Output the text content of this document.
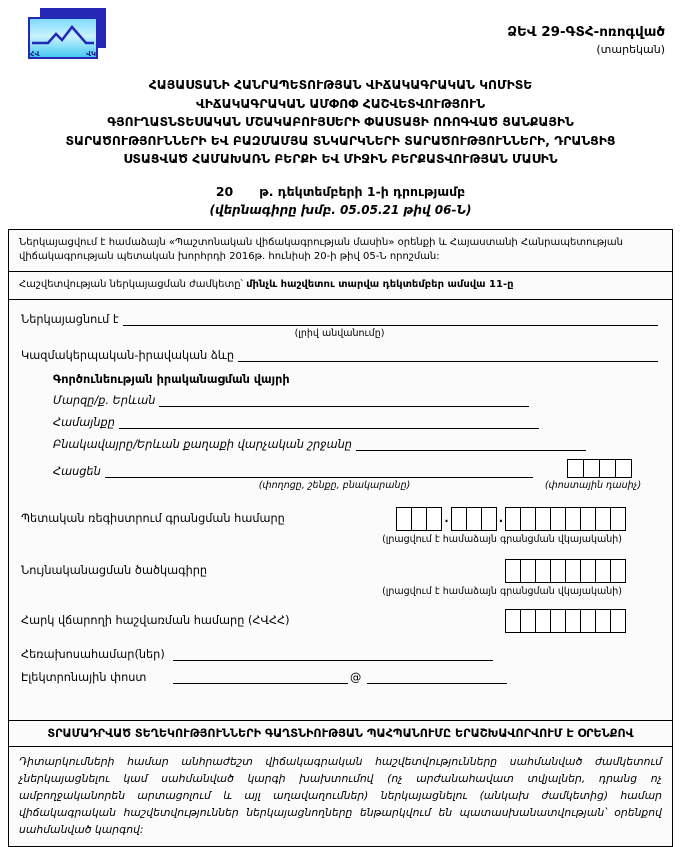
ՀՎ	ՎԿ
ՁԵՎ 29-ԳՏՀ-ոռոգված
(տարեկան)
ՀԱՅԱՍՏԱՆԻ ՀԱՆՐԱՊԵՏՈՒԹՅԱՆ ՎԻՃԱԿԱԳՐԱԿԱՆ ԿՈՄԻՏԵ
ՎԻՃԱԿԱԳՐԱԿԱՆ ԱՄՓՈՓ ՀԱՇՎԵՏՎՈՒԹՅՈՒՆ
ԳՅՈՒՂԱՏՆՏԵՍԱԿԱՆ ՄՇԱԿԱԲՈՒՅՍԵՐԻ ՓԱՍՏԱՑԻ ՈՌՈԳՎԱԾ ՑԱՆՔԱՅԻՆ
ՏԱՐԱԾՈՒԹՅՈՒՆՆԵՐԻ ԵՎ ԲԱԶՄԱՄՅԱ ՏՆԿԱՐԿՆԵՐԻ ՏԱՐԱԾՈՒԹՅՈՒՆՆԵՐԻ, ԴՐԱՆՑԻՑ
ՍՏԱՑՎԱԾ ՀԱՄԱԽԱՌՆ ԲԵՐՔԻ ԵՎ ՄԻՋԻՆ ԲԵՐՔԱՏՎՈՒԹՅԱՆ ՄԱՍԻՆ
20 թ. դեկտեմբերի 1-ի դրությամբ
(վերնագիրը խմբ. 05.05.21 թիվ 06-Ն)
Ներկայացվում է համաձայն «Պաշտոնական վիճակագրության մասին» օրենքի և Հայաստանի Հանրապետության վիճակագրության պետական խորհրդի 2016թ. հունիսի 20-ի թիվ 05-Ն որոշման:
Հաշվետվության ներկայացման ժամկետը՝ մինչև հաշվետու տարվա դեկտեմբեր ամսվա 11-ը
Ներկայացնում է
(լրիվ անվանումը)
Կազմակերպական-իրավական ձևը
Գործունեության իրականացման վայրի
Մարզը/ք. Երևան
Համայնքը
Բնակավայրը/Երևան քաղաքի վարչական շրջանը
Հասցեն
(փողոցը, շենքը, բնակարանը)	(փոստային դասիչ)
Պետական ռեգիստրում գրանցման համարը	.	.
(լրացվում է համաձայն գրանցման վկայականի)
Նույնականացման ծածկագիրը
(լրացվում է համաձայն գրանցման վկայականի)
Հարկ վճարողի հաշվառման համարը (ՀՎՀՀ)
Հեռախոսահամար(ներ)
Էլեկտրոնային փոստ	@
ՏՐԱՄԱԴՐՎԱԾ ՏԵՂԵԿՈՒԹՅՈՒՆՆԵՐԻ ԳԱՂՏՆԻՈՒԹՅԱՆ ՊԱՀՊԱՆՈՒՄԸ ԵՐԱՇԽԱՎՈՐՎՈՒՄ Է ՕՐԵՆՔՈՎ
Դիտարկումների համար անհրաժեշտ վիճակագրական հաշվետվությունները սահմանված ժամկետում չներկայացնելու կամ սահմանված կարգի խախտումով (ոչ արժանահավատ տվյալներ, դրանց ոչ ամբողջականորեն արտացոլում և այլ աղավաղումներ) ներկայացնելու (անկախ ժամկետից) համար վիճակագրական հաշվետվություններ ներկայացնողները ենթարկվում են պատասխանատվության՝ օրենքով սահմանված կարգով:
